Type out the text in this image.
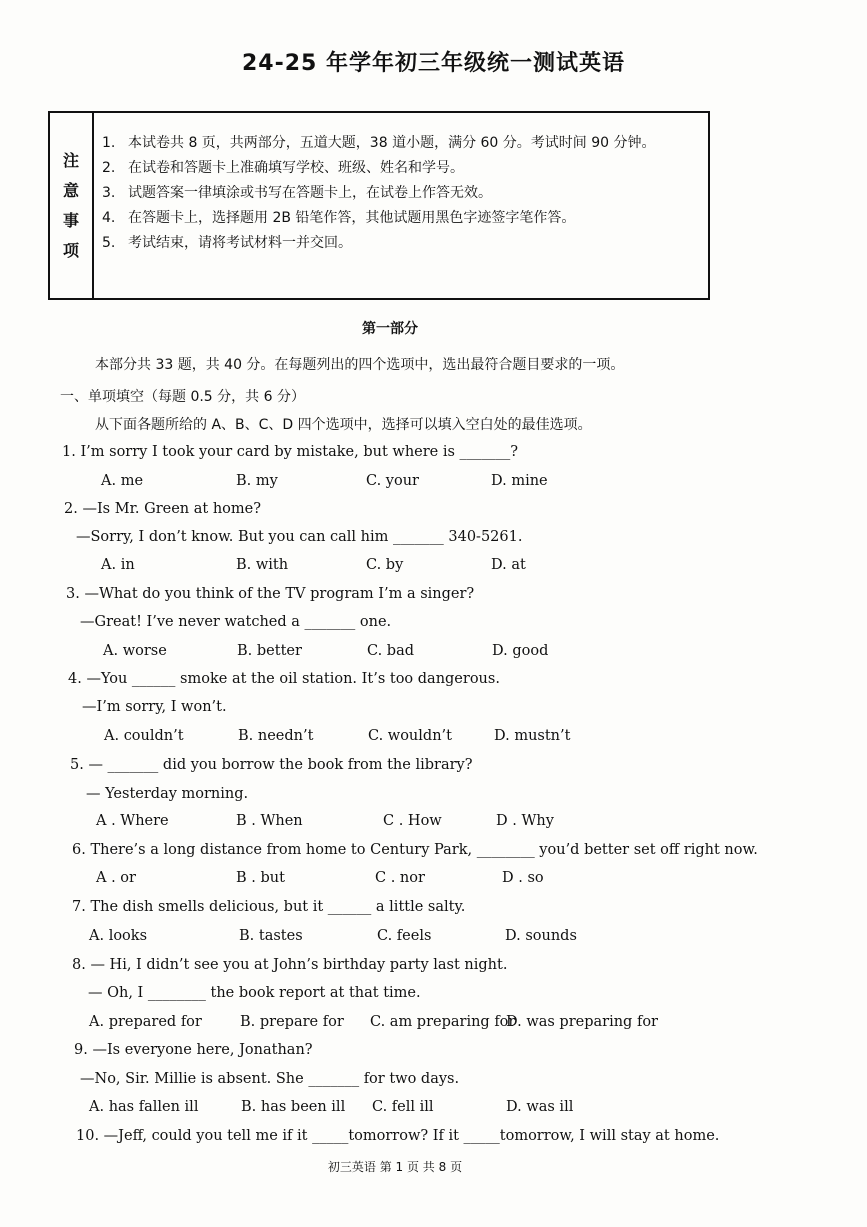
24-25 年学年初三年级统一测试英语
注
意
事
项
1. 本试卷共 8 页，共两部分，五道大题，38 道小题，满分 60 分。考试时间 90 分钟。
2. 在试卷和答题卡上准确填写学校、班级、姓名和学号。
3. 试题答案一律填涂或书写在答题卡上，在试卷上作答无效。
4. 在答题卡上，选择题用 2B 铅笔作答，其他试题用黑色字迹签字笔作答。
5. 考试结束，请将考试材料一并交回。
第一部分
本部分共 33 题，共 40 分。在每题列出的四个选项中，选出最符合题目要求的一项。
一、单项填空（每题 0.5 分，共 6 分）
从下面各题所给的 A、B、C、D 四个选项中，选择可以填入空白处的最佳选项。
1. I’m sorry I took your card by mistake, but where is _______?
A. me	B. my	C. your	D. mine
2. —Is Mr. Green at home?
—Sorry, I don’t know. But you can call him _______ 340-5261.
A. in	B. with	C. by	D. at
3. —What do you think of the TV program I’m a singer?
—Great! I’ve never watched a _______ one.
A. worse	B. better	C. bad	D. good
4. —You ______ smoke at the oil station. It’s too dangerous.
—I’m sorry, I won’t.
A. couldn’t	B. needn’t	C. wouldn’t	D. mustn’t
5. — _______ did you borrow the book from the library?
— Yesterday morning.
A . Where	B . When	C . How	D . Why
6. There’s a long distance from home to Century Park, ________ you’d better set off right now.
A . or	B . but	C . nor	D . so
7. The dish smells delicious, but it ______ a little salty.
A. looks	B. tastes	C. feels	D. sounds
8. — Hi, I didn’t see you at John’s birthday party last night.
— Oh, I ________ the book report at that time.
A. prepared for	B. prepare for C. am preparing for
D. was preparing for
9. —Is everyone here, Jonathan?
—No, Sir. Millie is absent. She _______ for two days.
A. has fallen ill	B. has been ill C. fell ill	D. was ill
10. —Jeff, could you tell me if it _____tomorrow? If it _____tomorrow, I will stay at home.
初三英语 第 1 页 共 8 页
